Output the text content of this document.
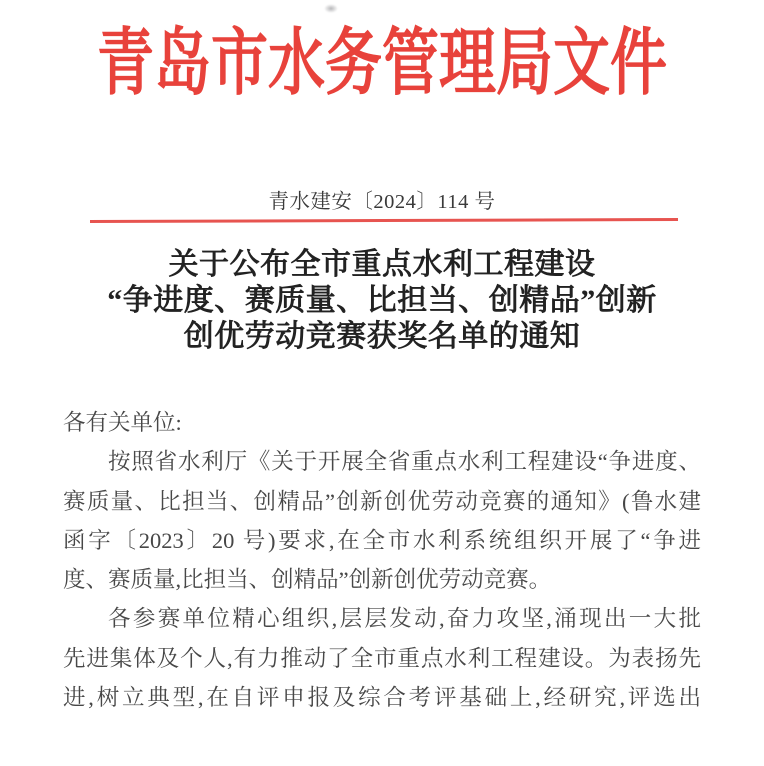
青岛市水务管理局文件
青水建安〔2024〕114 号
关于公布全市重点水利工程建设
“争进度、赛质量、比担当、创精品”创新
创优劳动竞赛获奖名单的通知
各有关单位:
按照省水利厅《关于开展全省重点水利工程建设“争进度、
赛质量、比担当、创精品”创新创优劳动竞赛的通知》(鲁水建
函字〔2023〕20 号)要求,在全市水利系统组织开展了“争进
度、赛质量,比担当、创精品”创新创优劳动竞赛。
各参赛单位精心组织,层层发动,奋力攻坚,涌现出一大批
先进集体及个人,有力推动了全市重点水利工程建设。为表扬先
进,树立典型,在自评申报及综合考评基础上,经研究,评选出
